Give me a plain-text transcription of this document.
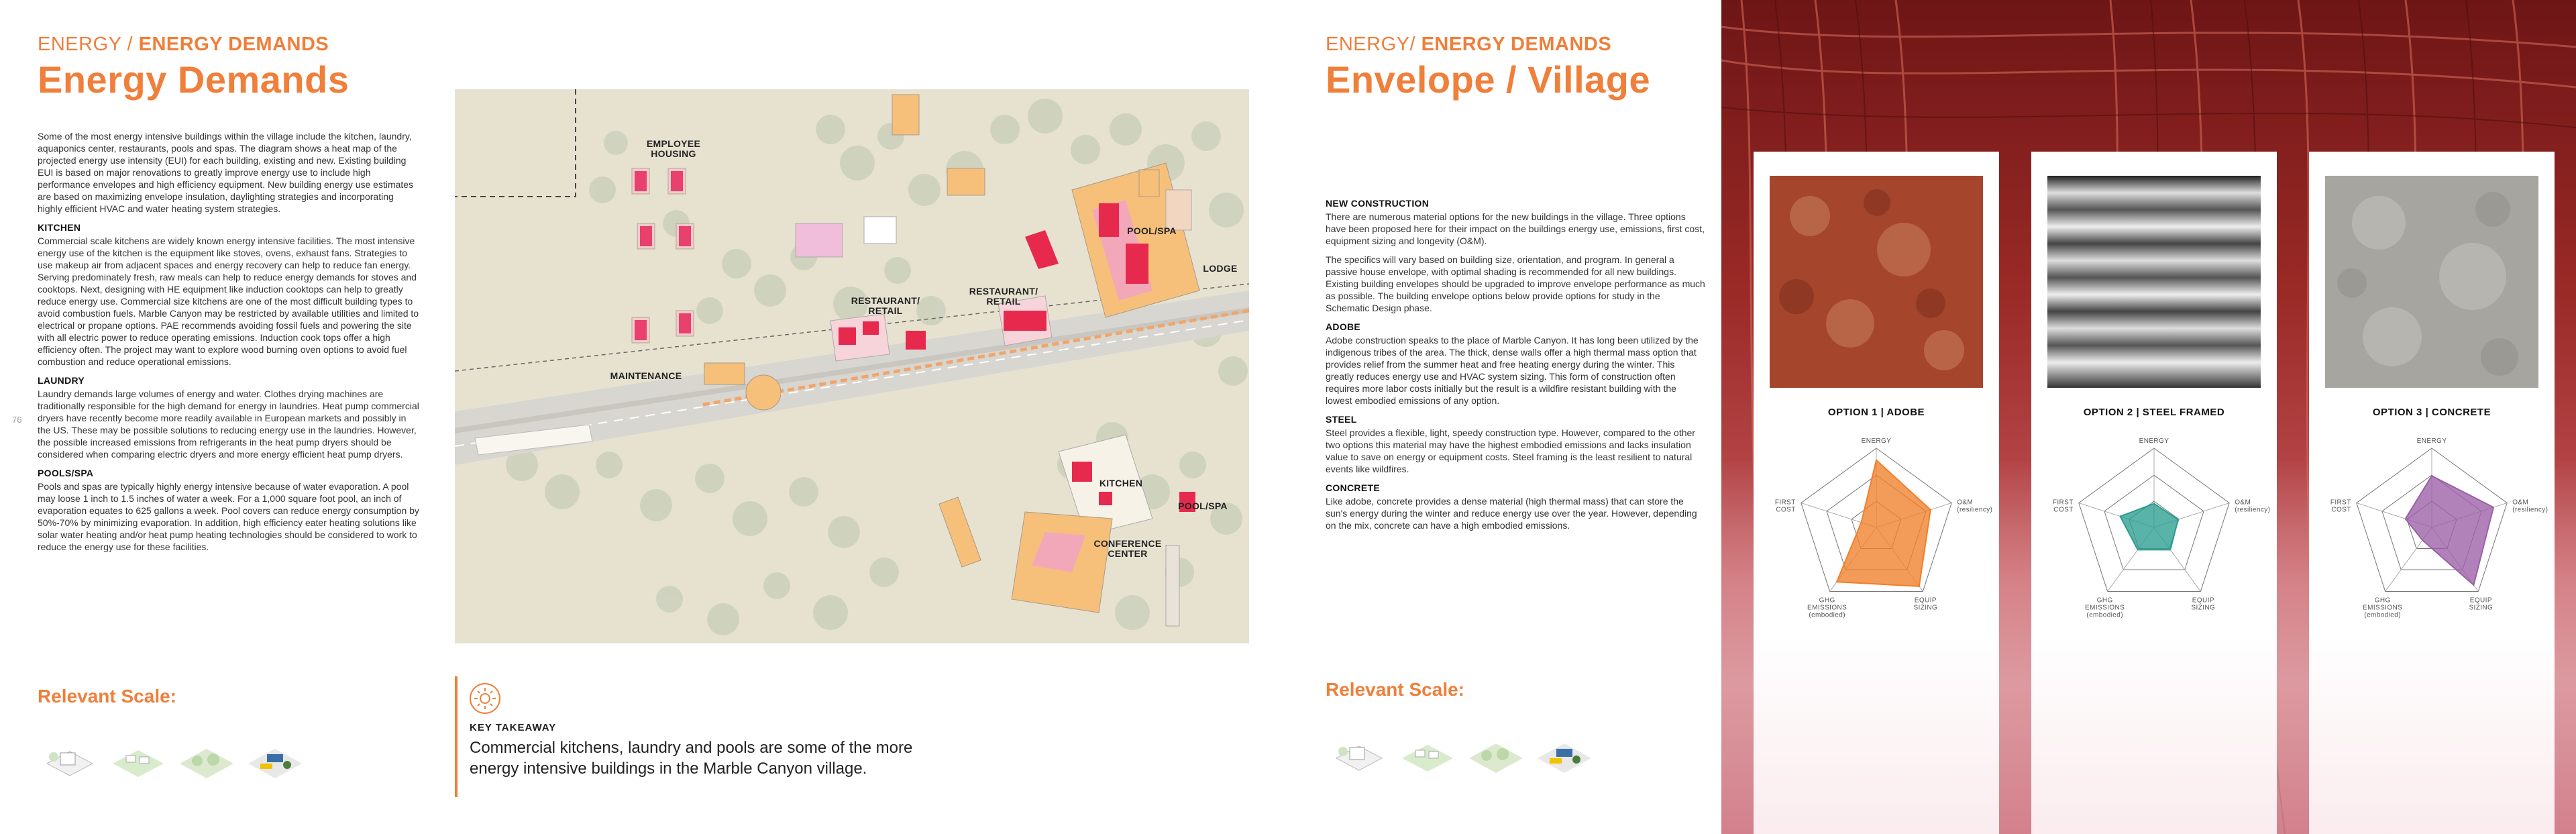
ENERGY / ENERGY DEMANDS
Energy Demands

Some of the most energy intensive buildings within the village include the kitchen, laundry, aquaponics center, restaurants, pools and spas. The diagram shows a heat map of the projected energy use intensity (EUI) for each building, existing and new. Existing building EUI is based on major renovations to greatly improve energy use to include high performance envelopes and high efficiency equipment. New building energy use estimates are based on maximizing envelope insulation, daylighting strategies and incorporating highly efficient HVAC and water heating system strategies.

KITCHEN

Commercial scale kitchens are widely known energy intensive facilities. The most intensive energy use of the kitchen is the equipment like stoves, ovens, exhaust fans. Strategies to use makeup air from adjacent spaces and energy recovery can help to reduce fan energy. Serving predominately fresh, raw meals can help to reduce energy demands for stoves and cooktops. Next, designing with HE equipment like induction cooktops can help to greatly reduce energy use. Commercial size kitchens are one of the most difficult building types to avoid combustion fuels. Marble Canyon may be restricted by available utilities and limited to electrical or propane options. PAE recommends avoiding fossil fuels and powering the site with all electric power to reduce operating emissions. Induction cook tops offer a high efficiency often. The project may want to explore wood burning oven options to avoid fuel combustion and reduce operational emissions.

LAUNDRY

Laundry demands large volumes of energy and water. Clothes drying machines are traditionally responsible for the high demand for energy in laundries. Heat pump commercial dryers have recently become more readily available in European markets and possibly in the US. These may be possible solutions to reducing energy use in the laundries. However, the possible increased emissions from refrigerants in the heat pump dryers should be considered when comparing electric dryers and more energy efficient heat pump dryers.

POOLS/SPA

Pools and spas are typically highly energy intensive because of water evaporation. A pool may loose 1 inch to 1.5 inches of water a week. For a 1,000 square foot pool, an inch of evaporation equates to 625 gallons a week. Pool covers can reduce energy consumption by 50%-70% by minimizing evaporation. In addition, high efficiency eater heating solutions like solar water heating and/or heat pump heating technologies should be considered to work to reduce the energy use for these facilities.

76
Relevant Scale:
EMPLOYEE HOUSING
MAINTENANCE
RESTAURANT/ RETAIL
RESTAURANT/ RETAIL
POOL/SPA
LODGE
KITCHEN
POOL/SPA
CONFERENCE CENTER
KEY TAKEAWAY
Commercial kitchens, laundry and pools are some of the more energy intensive buildings in the Marble Canyon village.
ENERGY/ ENERGY DEMANDS
Envelope / Village
NEW CONSTRUCTION

There are numerous material options for the new buildings in the village. Three options have been proposed here for their impact on the buildings energy use, emissions, first cost, equipment sizing and longevity (O&M).

The specifics will vary based on building size, orientation, and program. In general a passive house envelope, with optimal shading is recommended for all new buildings. Existing building envelopes should be upgraded to improve envelope performance as much as possible. The building envelope options below provide options for study in the Schematic Design phase.

ADOBE

Adobe construction speaks to the place of Marble Canyon. It has long been utilized by the indigenous tribes of the area. The thick, dense walls offer a high thermal mass option that provides relief from the summer heat and free heating energy during the winter. This greatly reduces energy use and HVAC system sizing. This form of construction often requires more labor costs initially but the result is a wildfire resistant building with the lowest embodied emissions of any option.

STEEL

Steel provides a flexible, light, speedy construction type. However, compared to the other two options this material may have the highest embodied emissions and lacks insulation value to save on energy or equipment costs. Steel framing is the least resilient to natural events like wildfires.

CONCRETE

Like adobe, concrete provides a dense material (high thermal mass) that can store the sun's energy during the winter and reduce energy use over the year. However, depending on the mix, concrete can have a high embodied emissions.

Relevant Scale:
OPTION 1 | ADOBE
ENERGY
O&M
(resiliency)
EQUIP
SIZING
GHG
EMISSIONS
(embodied)
FIRST
COST
OPTION 2 | STEEL FRAMED
ENERGY
O&M
(resiliency)
EQUIP
SIZING
GHG
EMISSIONS
(embodied)
FIRST
COST
OPTION 3 | CONCRETE
ENERGY
O&M
(resiliency)
EQUIP
SIZING
GHG
EMISSIONS
(embodied)
FIRST
COST
